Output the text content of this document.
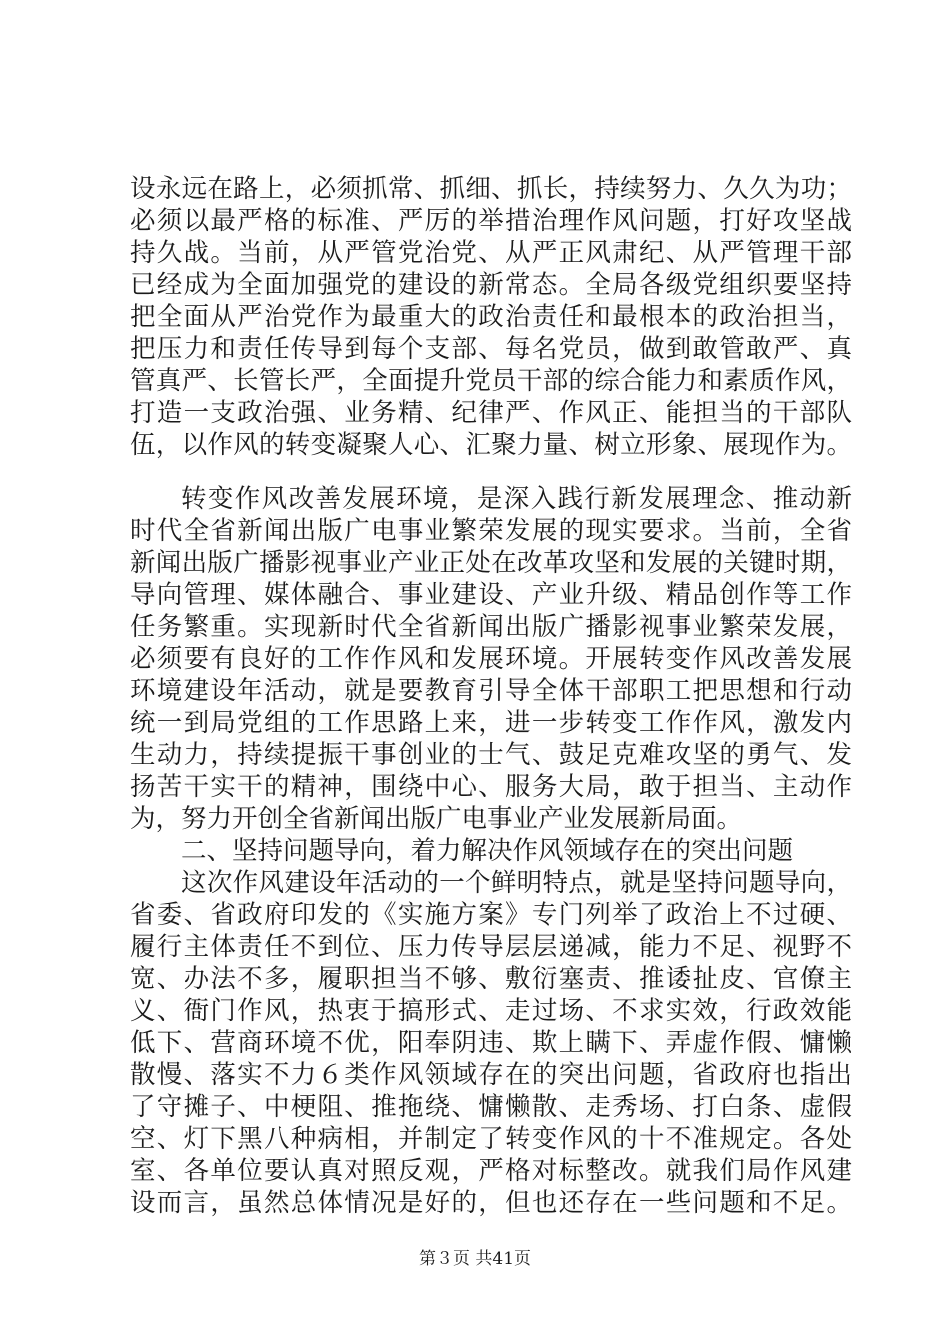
设永远在路上，必须抓常、抓细、抓长，持续努力、久久为功；
必须以最严格的标准、严厉的举措治理作风问题，打好攻坚战
持久战。当前，从严管党治党、从严正风肃纪、从严管理干部
已经成为全面加强党的建设的新常态。全局各级党组织要坚持
把全面从严治党作为最重大的政治责任和最根本的政治担当，
把压力和责任传导到每个支部、每名党员，做到敢管敢严、真
管真严、长管长严，全面提升党员干部的综合能力和素质作风，
打造一支政治强、业务精、纪律严、作风正、能担当的干部队
伍，以作风的转变凝聚人心、汇聚力量、树立形象、展现作为。
转变作风改善发展环境，是深入践行新发展理念、推动新
时代全省新闻出版广电事业繁荣发展的现实要求。当前，全省
新闻出版广播影视事业产业正处在改革攻坚和发展的关键时期，
导向管理、媒体融合、事业建设、产业升级、精品创作等工作
任务繁重。实现新时代全省新闻出版广播影视事业繁荣发展，
必须要有良好的工作作风和发展环境。开展转变作风改善发展
环境建设年活动，就是要教育引导全体干部职工把思想和行动
统一到局党组的工作思路上来，进一步转变工作作风，激发内
生动力，持续提振干事创业的士气、鼓足克难攻坚的勇气、发
扬苦干实干的精神，围绕中心、服务大局，敢于担当、主动作
为，努力开创全省新闻出版广电事业产业发展新局面。
二、坚持问题导向，着力解决作风领域存在的突出问题
这次作风建设年活动的一个鲜明特点，就是坚持问题导向，
省委、省政府印发的《实施方案》专门列举了政治上不过硬、
履行主体责任不到位、压力传导层层递减，能力不足、视野不
宽、办法不多，履职担当不够、敷衍塞责、推诿扯皮、官僚主
义、衙门作风，热衷于搞形式、走过场、不求实效，行政效能
低下、营商环境不优，阳奉阴违、欺上瞒下、弄虚作假、慵懒
散慢、落实不力６类作风领域存在的突出问题，省政府也指出
了守摊子、中梗阻、推拖绕、慵懒散、走秀场、打白条、虚假
空、灯下黑八种病相，并制定了转变作风的十不准规定。各处
室、各单位要认真对照反观，严格对标整改。就我们局作风建
设而言，虽然总体情况是好的，但也还存在一些问题和不足。
第３页 共41页
